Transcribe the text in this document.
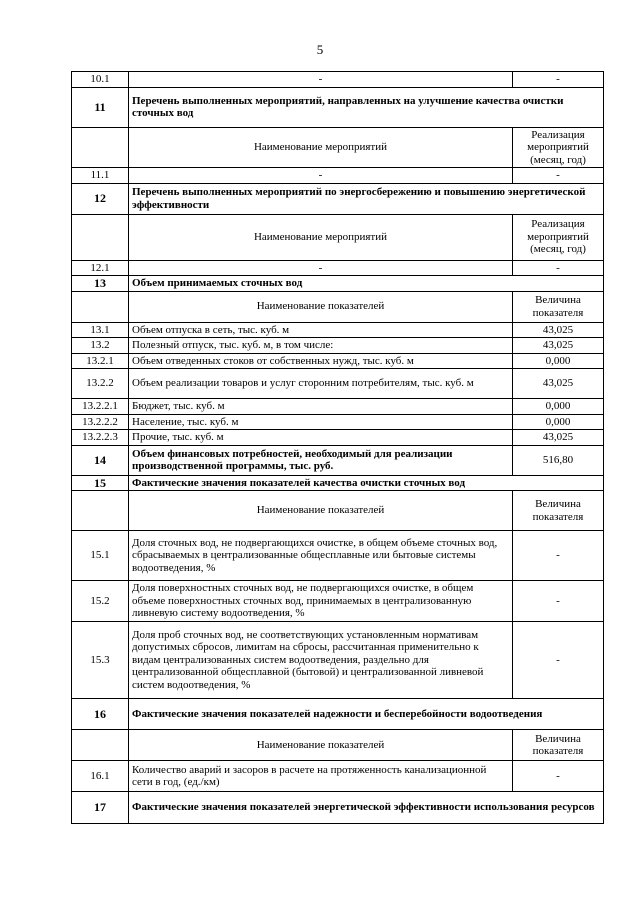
5
10.1	-	-
11	Перечень выполненных мероприятий, направленных на улучшение качества очистки сточных вод	
	Наименование мероприятий	Реализация мероприятий (месяц, год)
11.1	-	-
12	Перечень выполненных мероприятий по энергосбережению и повышению энергетической эффективности	
	Наименование мероприятий	Реализация мероприятий (месяц, год)
12.1	-	-
13	Объем принимаемых сточных вод	
	Наименование показателей	Величина показателя
13.1	Объем отпуска в сеть, тыс. куб. м	43,025
13.2	Полезный отпуск, тыс. куб. м, в том числе:	43,025
13.2.1	Объем отведенных стоков от собственных нужд, тыс. куб. м	0,000
13.2.2	Объем реализации товаров и услуг сторонним потребителям, тыс. куб. м	43,025
13.2.2.1	Бюджет, тыс. куб. м	0,000
13.2.2.2	Население, тыс. куб. м	0,000
13.2.2.3	Прочие, тыс. куб. м	43,025
14	Объем финансовых потребностей, необходимый для реализации производственной программы, тыс. руб.	516,80
15	Фактические значения показателей качества очистки сточных вод	
	Наименование показателей	Величина показателя
15.1	Доля сточных вод, не подвергающихся очистке, в общем объеме сточных вод, сбрасываемых в централизованные общесплавные или бытовые системы водоотведения, %	-
15.2	Доля поверхностных сточных вод, не подвергающихся очистке, в общем объеме поверхностных сточных вод, принимаемых в централизованную ливневую систему водоотведения, %	-
15.3	Доля проб сточных вод, не соответствующих установленным нормативам допустимых сбросов, лимитам на сбросы, рассчитанная применительно к видам централизованных систем водоотведения, раздельно для централизованной общесплавной (бытовой) и централизованной ливневой систем водоотведения, %	-
16	Фактические значения показателей надежности и бесперебойности водоотведения	
	Наименование показателей	Величина показателя
16.1	Количество аварий и засоров в расчете на протяженность канализационной сети в год, (ед./км)	-
17	Фактические значения показателей энергетической эффективности использования ресурсов	
